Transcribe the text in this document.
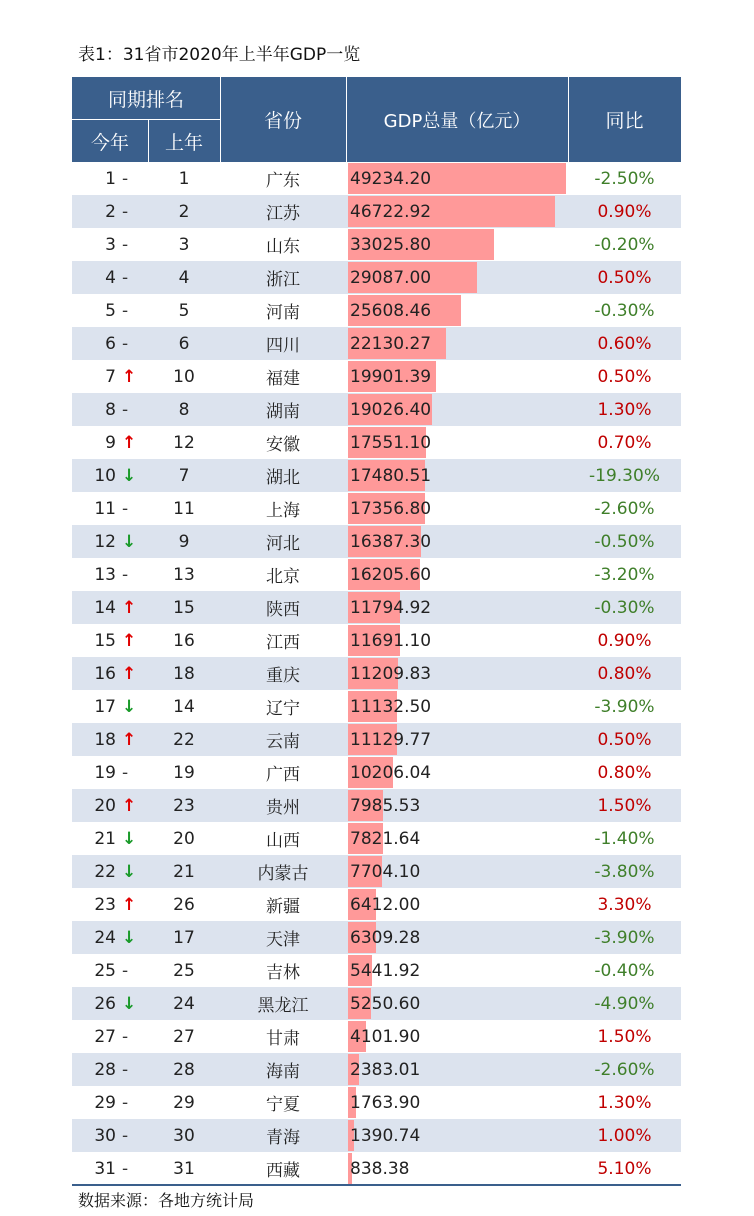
表1：31省市2020年上半年GDP一览
同期排名
今年	上年
省份	GDP总量（亿元）	同比
1 -	1	广东	49234.20	-2.50%
2 -	2	江苏	46722.92	0.90%
3 -	3	山东	33025.80	-0.20%
4 -	4	浙江	29087.00	0.50%
5 -	5	河南	25608.46	-0.30%
6 -	6	四川	22130.27	0.60%
7 ↑	10	福建	19901.39	0.50%
8 -	8	湖南	19026.40	1.30%
9 ↑	12	安徽	17551.10	0.70%
10 ↓	7	湖北	17480.51	-19.30%
11 -	11	上海	17356.80	-2.60%
12 ↓	9	河北	16387.30	-0.50%
13 -	13	北京	16205.60	-3.20%
14 ↑	15	陕西	11794.92	-0.30%
15 ↑	16	江西	11691.10	0.90%
16 ↑	18	重庆	11209.83	0.80%
17 ↓	14	辽宁	11132.50	-3.90%
18 ↑	22	云南	11129.77	0.50%
19 -	19	广西	10206.04	0.80%
20 ↑	23	贵州	7985.53	1.50%
21 ↓	20	山西	7821.64	-1.40%
22 ↓	21	内蒙古	7704.10	-3.80%
23 ↑	26	新疆	6412.00	3.30%
24 ↓	17	天津	6309.28	-3.90%
25 -	25	吉林	5441.92	-0.40%
26 ↓	24	黑龙江	5250.60	-4.90%
27 -	27	甘肃	4101.90	1.50%
28 -	28	海南	2383.01	-2.60%
29 -	29	宁夏	1763.90	1.30%
30 -	30	青海	1390.74	1.00%
31 -	31	西藏	838.38	5.10%
数据来源：各地方统计局
